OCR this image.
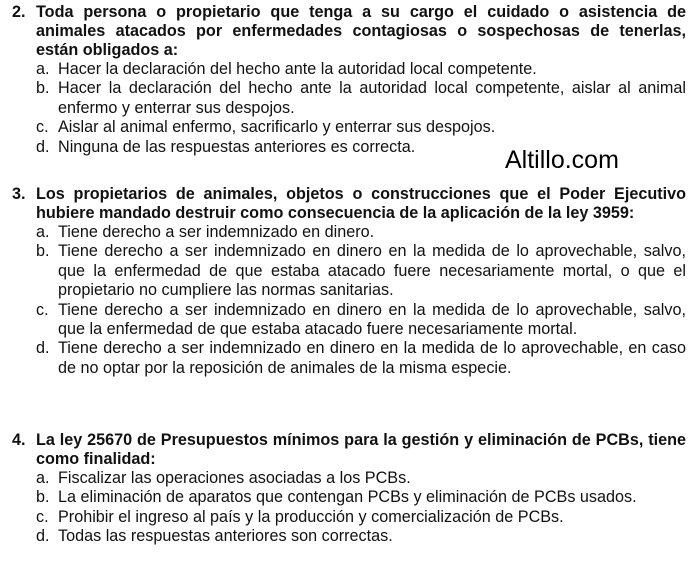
2. Toda persona o propietario que tenga a su cargo el cuidado o asistencia de animales atacados por enfermedades contagiosas o sospechosas de tenerlas, están obligados a:
a. Hacer la declaración del hecho ante la autoridad local competente.
b. Hacer la declaración del hecho ante la autoridad local competente, aislar al animal   enfermo y enterrar sus despojos.
c. Aislar al animal enfermo, sacrificarlo y enterrar sus despojos.
d. Ninguna de las respuestas anteriores es correcta.	Altillo.com
3. Los propietarios de animales, objetos o construcciones que el Poder Ejecutivo hubiere mandado destruir como consecuencia de la aplicación de la ley 3959:
a. Tiene derecho a ser indemnizado en dinero.
b. Tiene derecho a ser indemnizado en dinero en la medida de lo aprovechable, salvo, que la enfermedad de que estaba atacado fuere necesariamente mortal, o que el propietario no cumpliere las normas sanitarias.
c. Tiene derecho a ser indemnizado en dinero en la medida de lo aprovechable, salvo, que la enfermedad de que estaba atacado fuere necesariamente mortal.
d. Tiene derecho a ser indemnizado en dinero en la medida de lo aprovechable, en caso de no optar por la reposición de animales de la misma especie.
4. La ley 25670 de Presupuestos mínimos para la gestión y eliminación de PCBs, tiene como finalidad:
a. Fiscalizar las operaciones asociadas a los PCBs.
b. La eliminación de aparatos que contengan PCBs y eliminación de PCBs usados.
c. Prohibir el ingreso al país y la producción y comercialización de PCBs.
d. Todas las respuestas anteriores son correctas.
